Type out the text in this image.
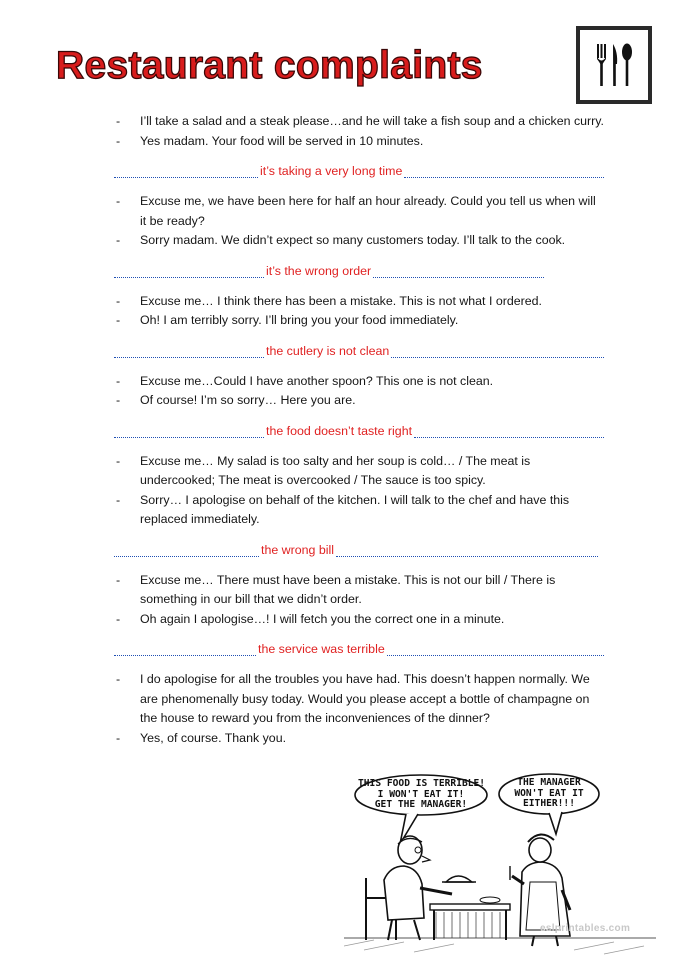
Restaurant complaints
- I’ll take a salad and a steak please…and he will take a fish soup and a chicken curry.
- Yes madam. Your food will be served in 10 minutes.
it’s taking a very long time
- Excuse me, we have been here for half an hour already. Could you tell us when will it be ready?
- Sorry madam. We didn’t expect so many customers today. I’ll talk to the cook.
it’s the wrong order
- Excuse me… I think there has been a mistake. This is not what I ordered.
- Oh! I am terribly sorry. I’ll bring you your food immediately.
the cutlery is not clean
- Excuse me…Could I have another spoon? This one is not clean.
- Of course! I’m so sorry… Here you are.
the food doesn’t taste right
- Excuse me… My salad is too salty and her soup is cold… / The meat is undercooked; The meat is overcooked / The sauce is too spicy.
- Sorry… I apologise on behalf of the kitchen. I will talk to the chef and have this replaced immediately.
the wrong bill
- Excuse me… There must have been a mistake. This is not our bill / There is something in our bill that we didn’t order.
- Oh again I apologise…! I will fetch you the correct one in a minute.
the service was terrible
- I do apologise for all the troubles you have had. This doesn’t happen normally. We are phenomenally busy today. Would you please accept a bottle of champagne on the house to reward you from the inconveniences of the dinner?
- Yes, of course. Thank you.
THIS FOOD IS TERRIBLE!
I WON'T EAT IT!
GET THE MANAGER!
THE MANAGER
WON'T EAT IT
EITHER!!!
eslprintables.com
